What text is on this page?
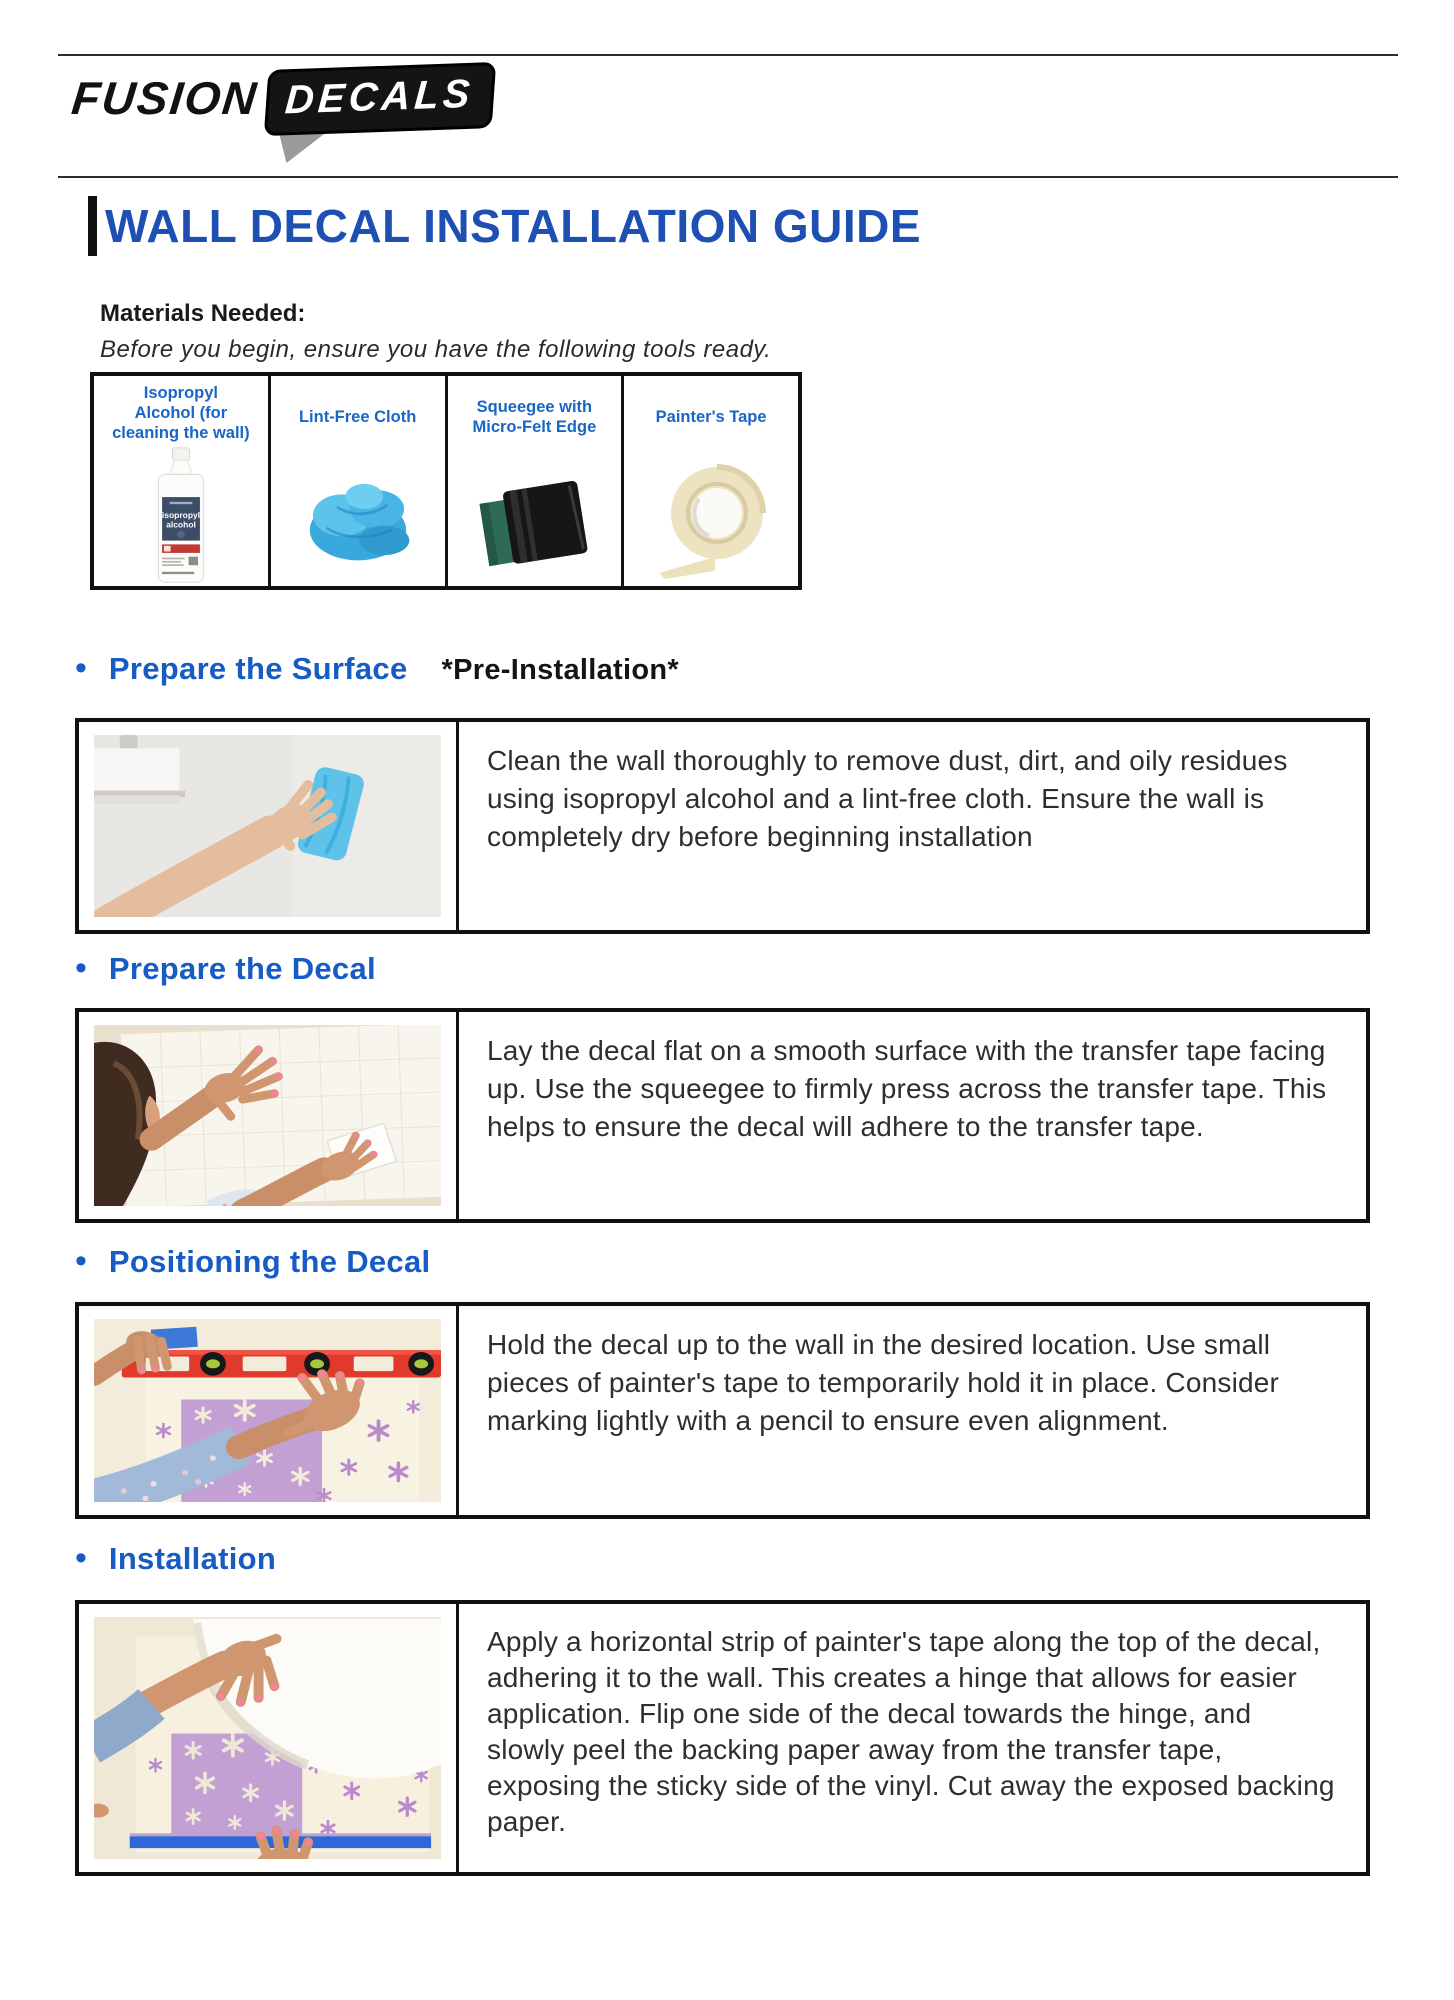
FUSION DECALS
WALL DECAL INSTALLATION GUIDE
Materials Needed:
Before you begin, ensure you have the following tools ready.
Isopropyl Alcohol (for cleaning the wall)
isopropyl
alcohol
Lint-Free Cloth
Squeegee with Micro-Felt Edge
Painter's Tape
• Prepare the Surface *Pre-Installation*
Clean the wall thoroughly to remove dust, dirt, and oily residues using isopropyl alcohol and a lint-free cloth. Ensure the wall is completely dry before beginning installation
• Prepare the Decal
Lay the decal flat on a smooth surface with the transfer tape facing up. Use the squeegee to firmly press across the transfer tape. This helps to ensure the decal will adhere to the transfer tape.
• Positioning the Decal
Hold the decal up to the wall in the desired location. Use small pieces of painter's tape to temporarily hold it in place. Consider marking lightly with a pencil to ensure even alignment.
• Installation
Apply a horizontal strip of painter's tape along the top of the decal, adhering it to the wall. This creates a hinge that allows for easier application. Flip one side of the decal towards the hinge, and slowly peel the backing paper away from the transfer tape, exposing the sticky side of the vinyl. Cut away the exposed backing paper.
